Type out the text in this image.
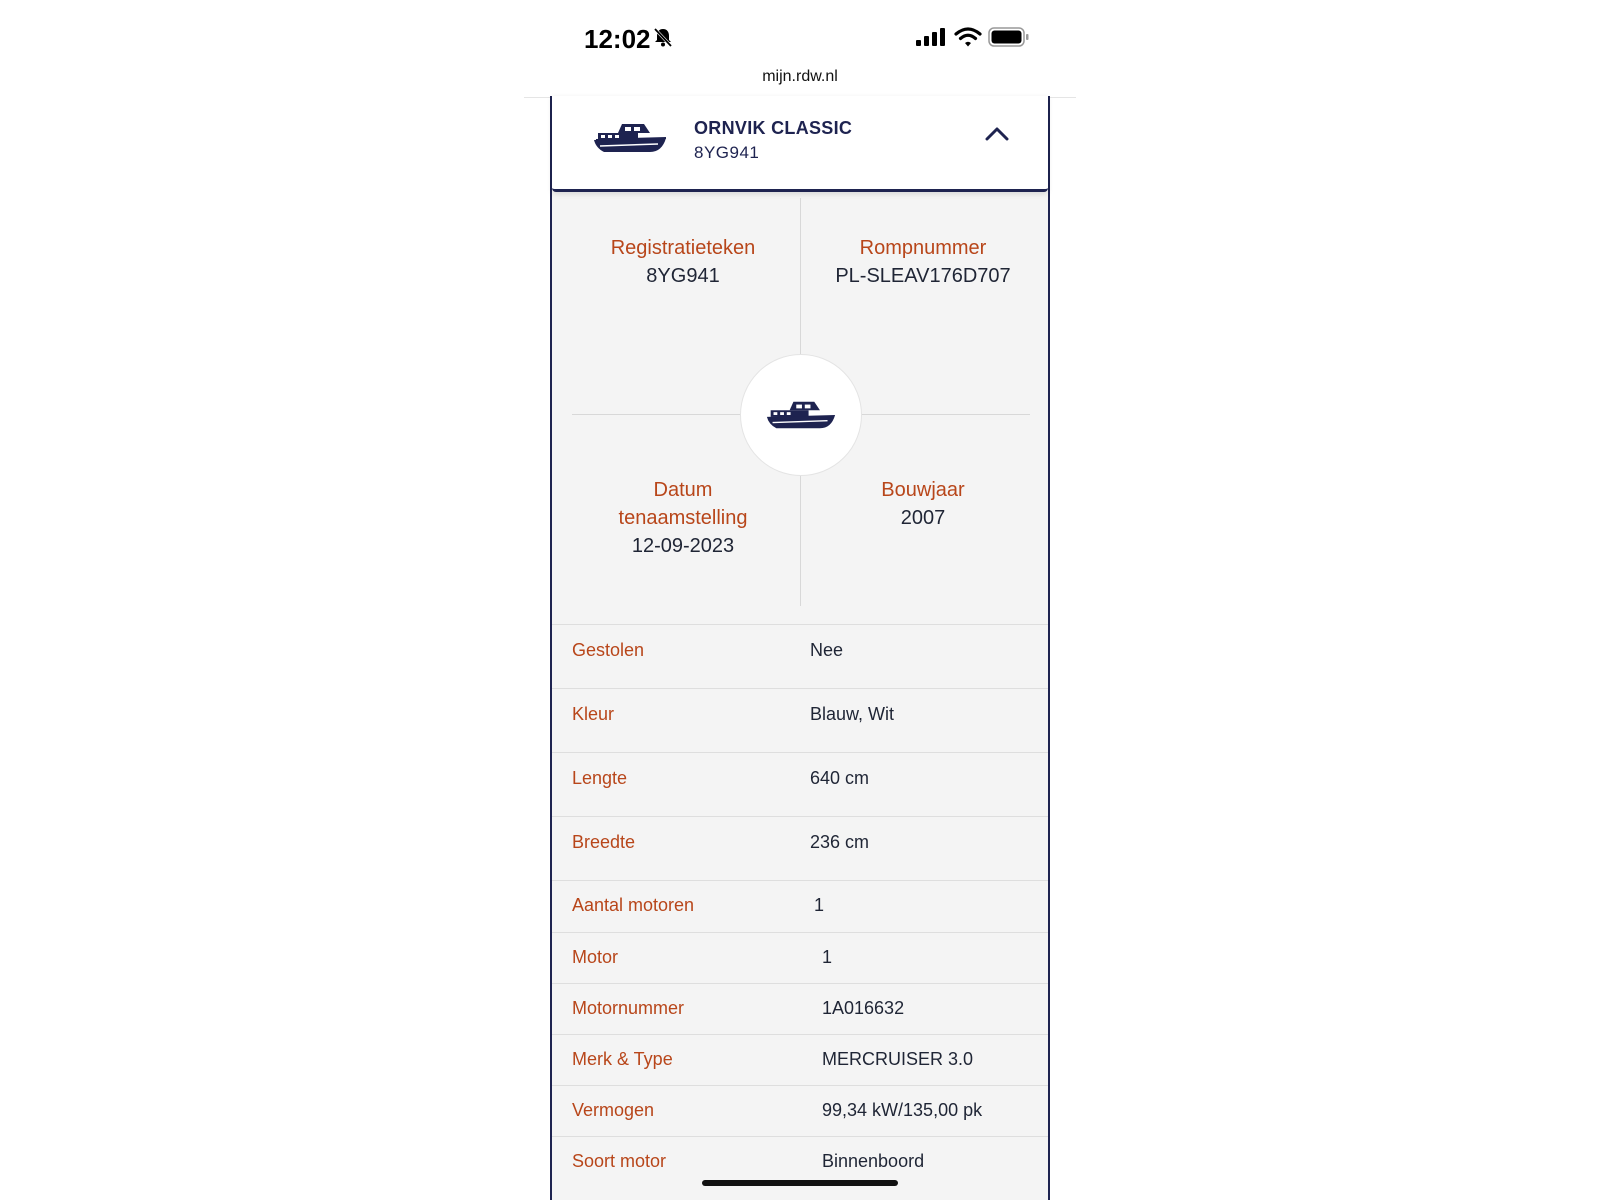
12:02
mijn.rdw.nl
ORNVIK CLASSIC
8YG941
Registratieteken
8YG941
Rompnummer
PL-SLEAV176D707
Datum
tenaamstelling
12-09-2023
Bouwjaar
2007
Gestolen	Nee
Kleur	Blauw, Wit
Lengte	640 cm
Breedte	236 cm
Aantal motoren	1
Motor	1
Motornummer	1A016632
Merk & Type	MERCRUISER 3.0
Vermogen	99,34 kW/135,00 pk
Soort motor	Binnenboord
